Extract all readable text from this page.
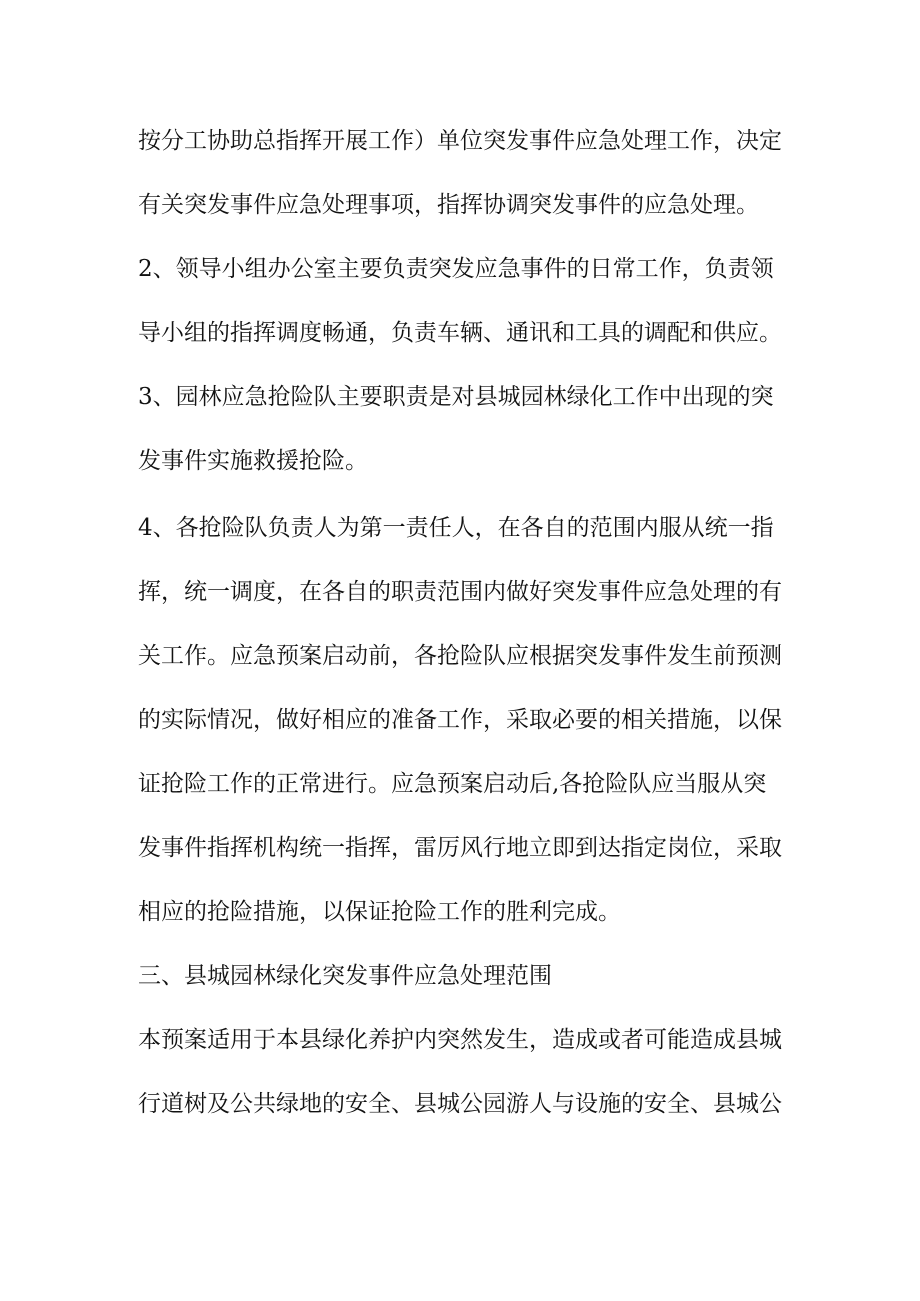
按分工协助总指挥开展工作）单位突发事件应急处理工作，决定
有关突发事件应急处理事项，指挥协调突发事件的应急处理。
2、领导小组办公室主要负责突发应急事件的日常工作，负责领
导小组的指挥调度畅通，负责车辆、通讯和工具的调配和供应。
3、园林应急抢险队主要职责是对县城园林绿化工作中出现的突
发事件实施救援抢险。
4、各抢险队负责人为第一责任人，在各自的范围内服从统一指
挥，统一调度，在各自的职责范围内做好突发事件应急处理的有
关工作。应急预案启动前，各抢险队应根据突发事件发生前预测
的实际情况，做好相应的准备工作，采取必要的相关措施，以保
证抢险工作的正常进行。应急预案启动后,各抢险队应当服从突
发事件指挥机构统一指挥，雷厉风行地立即到达指定岗位，采取
相应的抢险措施，以保证抢险工作的胜利完成。
三、县城园林绿化突发事件应急处理范围
本预案适用于本县绿化养护内突然发生，造成或者可能造成县城
行道树及公共绿地的安全、县城公园游人与设施的安全、县城公
